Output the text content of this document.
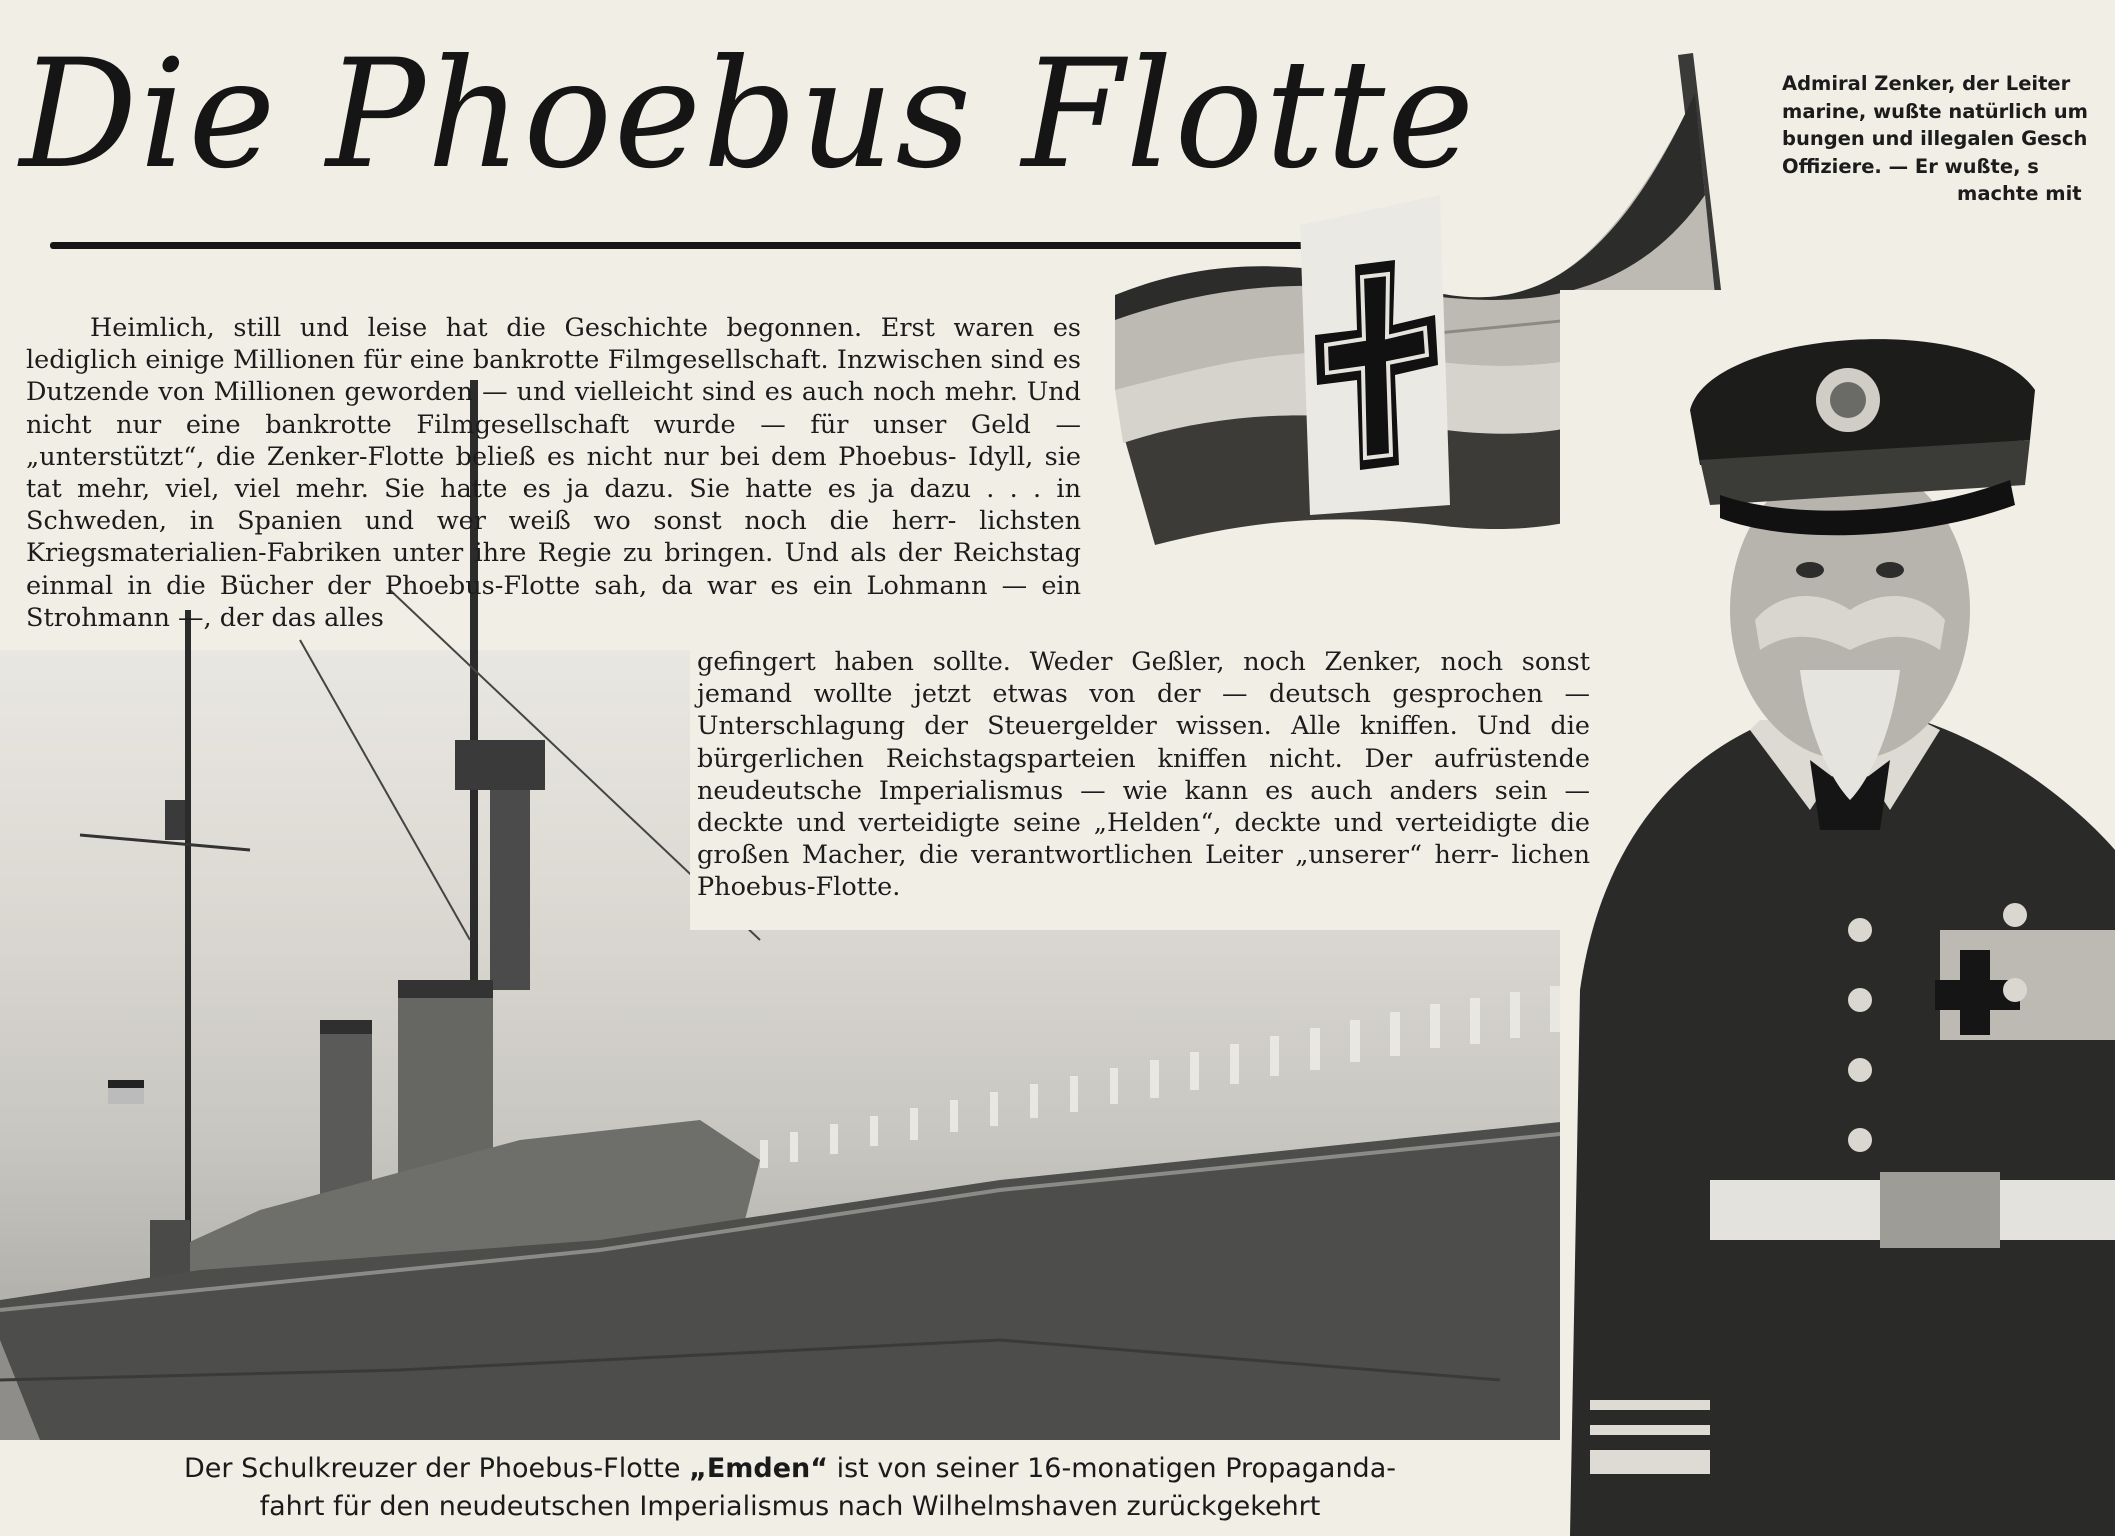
Die Phoebus Flotte
Heimlich, still und leise hat die Geschichte begonnen. Erst waren es lediglich einige Millionen für eine bankrotte Filmgesellschaft. Inzwischen sind es Dutzende von Millionen geworden — und vielleicht sind es auch noch mehr. Und nicht nur eine bankrotte Filmgesellschaft wurde — für unser Geld — „unterstützt“, die Zenker-Flotte beließ es nicht nur bei dem Phoebus- Idyll, sie tat mehr, viel, viel mehr. Sie hatte es ja dazu. Sie hatte es ja dazu . . . in Schweden, in Spanien und wer weiß wo sonst noch die herr- lichsten Kriegsmaterialien-Fabriken unter ihre Regie zu bringen. Und als der Reichstag einmal in die Bücher der Phoebus-Flotte sah, da war es ein Lohmann — ein Strohmann —, der das alles
gefingert haben sollte. Weder Geßler, noch Zenker, noch sonst jemand wollte jetzt etwas von der — deutsch gesprochen — Unterschlagung der Steuergelder wissen. Alle kniffen. Und die bürgerlichen Reichstagsparteien kniffen nicht. Der aufrüstende neudeutsche Imperialismus — wie kann es auch anders sein — deckte und verteidigte seine „Helden“, deckte und verteidigte die großen Macher, die verantwortlichen Leiter „unserer“ herr- lichen Phoebus-Flotte.
Admiral Zenker, der Leiter
marine, wußte natürlich um
bungen und illegalen Gesch
Offiziere. — Er wußte, s
machte mit
Der Schulkreuzer der Phoebus-Flotte „Emden“ ist von seiner 16-monatigen Propaganda-
fahrt für den neudeutschen Imperialismus nach Wilhelmshaven zurückgekehrt
